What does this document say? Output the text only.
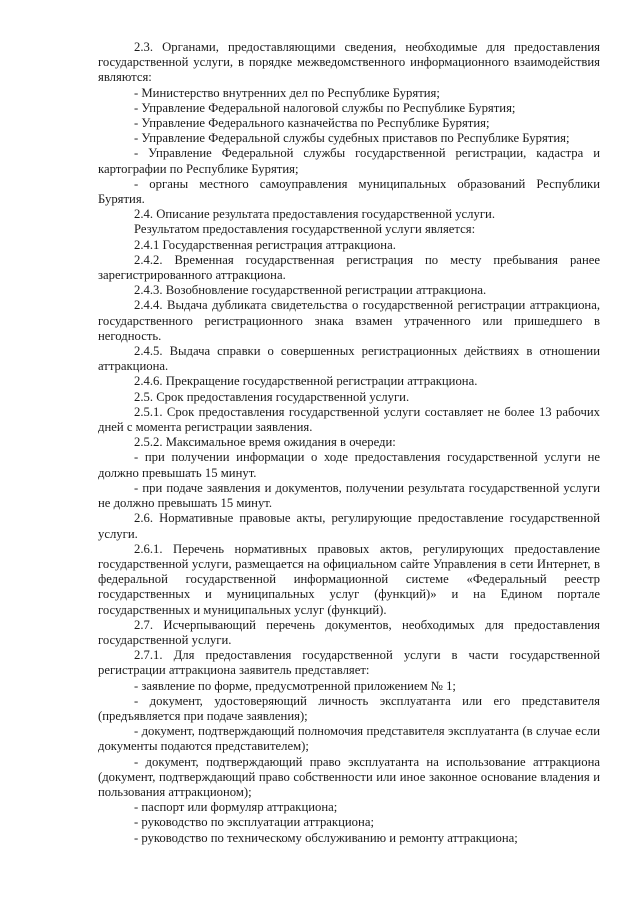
2.3. Органами, предоставляющими сведения, необходимые для предоставления государственной услуги, в порядке межведомственного информационного взаимодействия являются:

- Министерство внутренних дел по Республике Бурятия;

- Управление Федеральной налоговой службы по Республике Бурятия;

- Управление Федерального казначейства по Республике Бурятия;

- Управление Федеральной службы судебных приставов по Республике Бурятия;

- Управление Федеральной службы государственной регистрации, кадастра и картографии по Республике Бурятия;

- органы местного самоуправления муниципальных образований Республики Бурятия.

2.4. Описание результата предоставления государственной услуги.

Результатом предоставления государственной услуги является:

2.4.1 Государственная регистрация аттракциона.

2.4.2. Временная государственная регистрация по месту пребывания ранее зарегистрированного аттракциона.

2.4.3. Возобновление государственной регистрации аттракциона.

2.4.4. Выдача дубликата свидетельства о государственной регистрации аттракциона, государственного регистрационного знака взамен утраченного или пришедшего в негодность.

2.4.5. Выдача справки о совершенных регистрационных действиях в отношении аттракциона.

2.4.6. Прекращение государственной регистрации аттракциона.

2.5. Срок предоставления государственной услуги.

2.5.1. Срок предоставления государственной услуги составляет не более 13 рабочих дней с момента регистрации заявления.

2.5.2. Максимальное время ожидания в очереди:

- при получении информации о ходе предоставления государственной услуги не должно превышать 15 минут.

- при подаче заявления и документов, получении результата государственной услуги не должно превышать 15 минут.

2.6. Нормативные правовые акты, регулирующие предоставление государственной услуги.

2.6.1. Перечень нормативных правовых актов, регулирующих предоставление государственной услуги, размещается на официальном сайте Управления в сети Интернет, в федеральной государственной информационной системе «Федеральный реестр государственных и муниципальных услуг (функций)» и на Едином портале государственных и муниципальных услуг (функций).

2.7. Исчерпывающий перечень документов, необходимых для предоставления государственной услуги.

2.7.1. Для предоставления государственной услуги в части государственной регистрации аттракциона заявитель представляет:

- заявление по форме, предусмотренной приложением № 1;

- документ, удостоверяющий личность эксплуатанта или его представителя (предъявляется при подаче заявления);

- документ, подтверждающий полномочия представителя эксплуатанта (в случае если документы подаются представителем);

- документ, подтверждающий право эксплуатанта на использование аттракциона (документ, подтверждающий право собственности или иное законное основание владения и пользования аттракционом);

- паспорт или формуляр аттракциона;

- руководство по эксплуатации аттракциона;

- руководство по техническому обслуживанию и ремонту аттракциона;
